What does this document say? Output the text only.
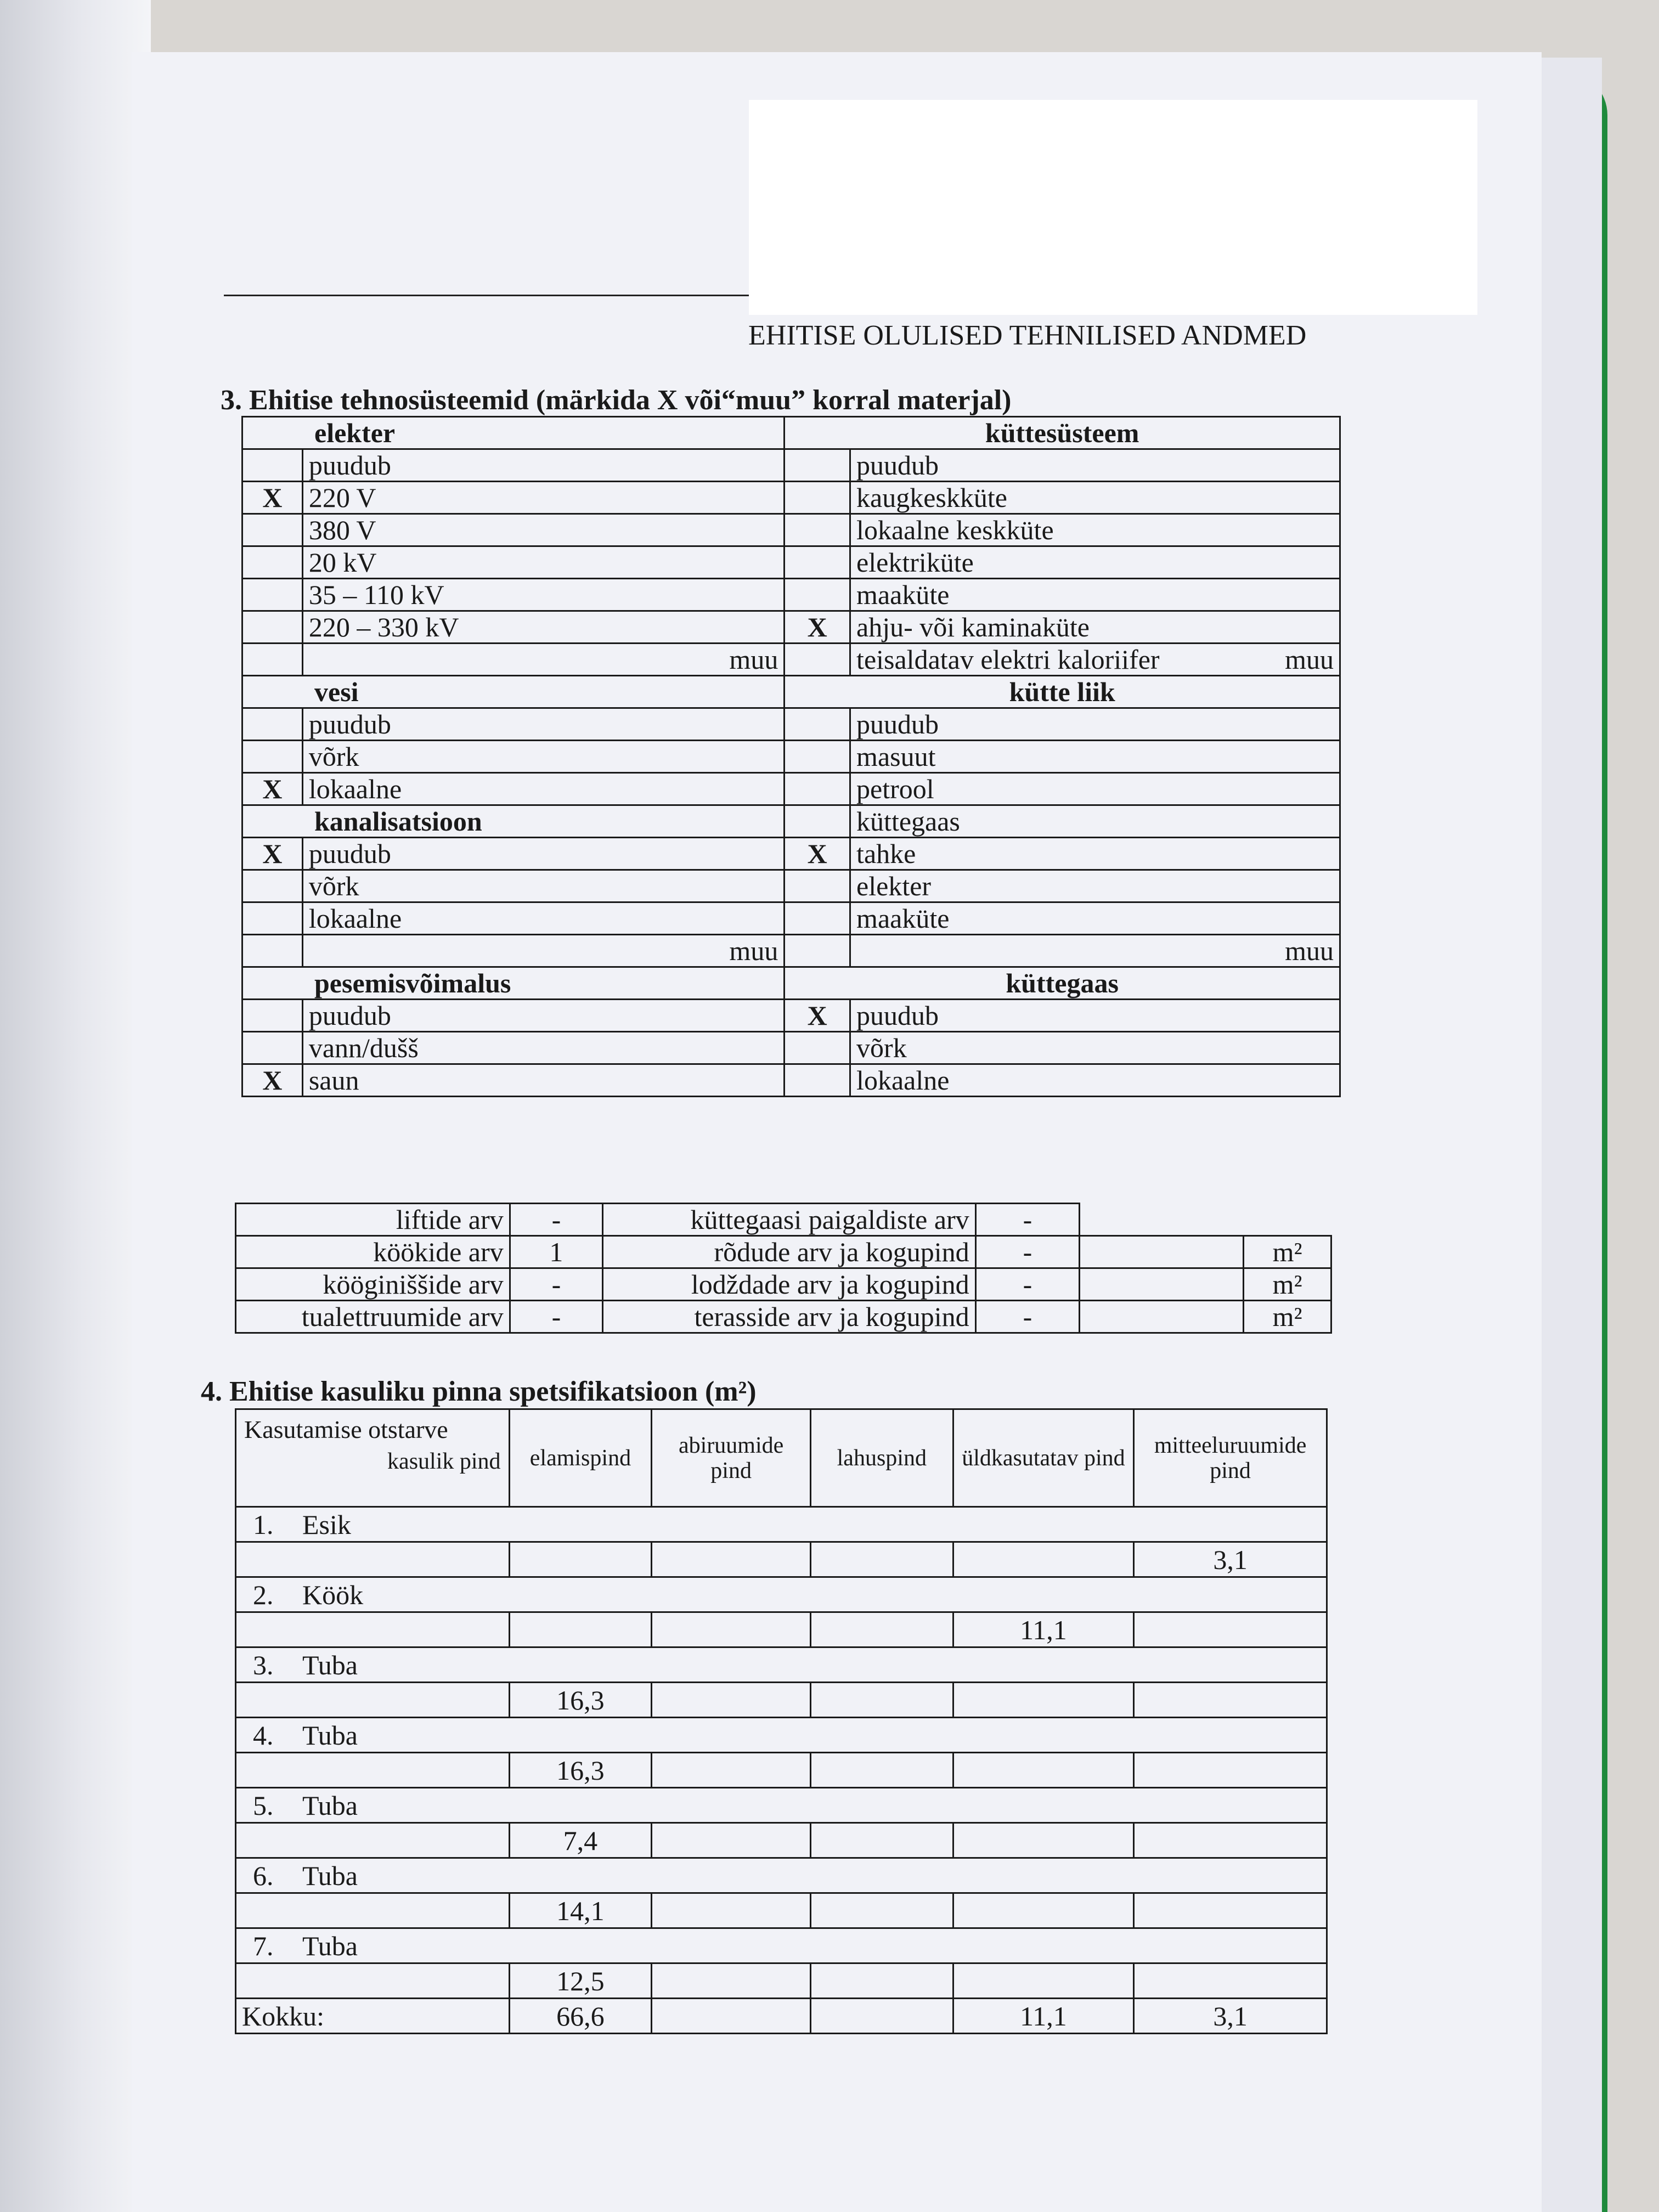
EHITISE OLULISED TEHNILISED ANDMED
3. Ehitise tehnosüsteemid (märkida X või“muu” korral materjal)
elekter		küttesüsteem	
	puudub		puudub
X	220 V		kaugkeskküte
	380 V		lokaalne keskküte
	20 kV		elektriküte
	35 – 110 kV		maaküte
	220 – 330 kV	X	ahju- või kaminaküte
	muu		teisaldatav elektri kaloriifer muu

vesi		kütte liik	
	puudub		puudub
	võrk		masuut
X	lokaalne		petrool
kanalisatsioon			küttegaas
X	puudub	X	tahke
	võrk		elekter
	lokaalne		maaküte
	muu		muu

pesemisvõimalus		küttegaas	
	puudub	X	puudub
	vann/dušš		võrk
X	saun		lokaalne
liftide arv	-	küttegaasi paigaldiste arv	-		
köökide arv	1	rõdude arv ja kogupind	-		m²
kööginiššide arv	-	lodždade arv ja kogupind	-		m²
tualettruumide arv	-	terasside arv ja kogupind	-		m²
4. Ehitise kasuliku pinna spetsifikatsioon (m²)
Kasutamise otstarve
kasulik pind	elamispind	abiruumide pind	lahuspind	üldkasutatav pind	mitteeluruumide pind
1. Esik					
					3,1
2. Köök					
				11,1	
3. Tuba					
	16,3				
4. Tuba					
	16,3				
5. Tuba					
	7,4				
6. Tuba					
	14,1				
7. Tuba					
	12,5				
Kokku:	66,6			11,1	3,1
